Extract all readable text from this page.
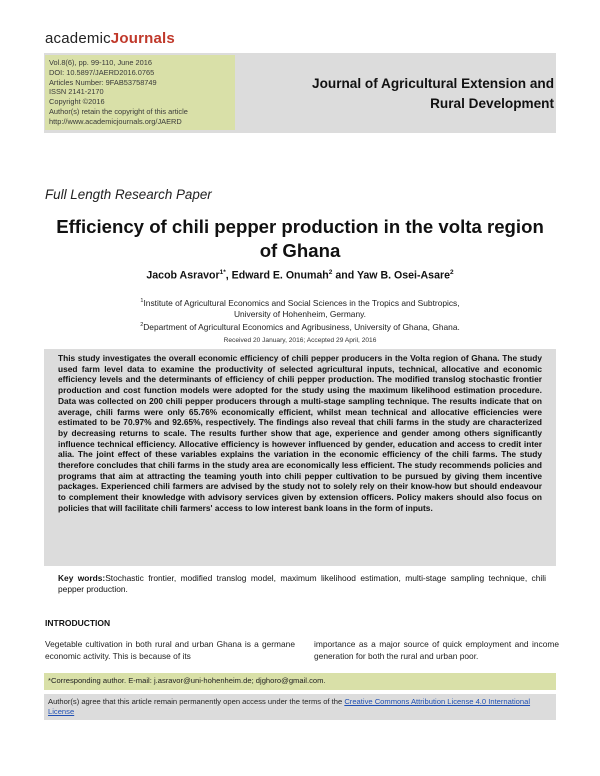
academicJournals
Vol.8(6), pp. 99-110, June 2016
DOI: 10.5897/JAERD2016.0765
Articles Number: 9FAB53758749
ISSN 2141-2170
Copyright ©2016
Author(s) retain the copyright of this article
http://www.academicjournals.org/JAERD
Journal of Agricultural Extension and
Rural Development
Full Length Research Paper
Efficiency of chili pepper production in the volta region
of Ghana
Jacob Asravor$^{1*}$, Edward E. Onumah$^2$ and Yaw B. Osei-Asare$^2$
$^1$Institute of Agricultural Economics and Social Sciences in the Tropics and Subtropics,
University of Hohenheim, Germany.
$^2$Department of Agricultural Economics and Agribusiness, University of Ghana, Ghana.
Received 20 January, 2016; Accepted 29 April, 2016

This study investigates the overall economic efficiency of chili pepper producers in the Volta region of Ghana. The study used farm level data to examine the productivity of selected agricultural inputs, technical, allocative and economic efficiency levels and the determinants of efficiency of chili pepper production. The modified translog stochastic frontier production and cost function models were adopted for the study using the maximum likelihood estimation procedure. Data was collected on 200 chili pepper producers through a multi-stage sampling technique. The results indicate that on average, chili farms were only 65.76% economically efficient, whilst mean technical and allocative efficiencies were estimated to be 70.97% and 92.65%, respectively. The findings also reveal that chili farms in the study are characterized by decreasing returns to scale. The results further show that age, experience and gender among others significantly influence technical efficiency. Allocative efficiency is however influenced by gender, education and access to credit inter alia. The joint effect of these variables explains the variation in the economic efficiency of the chili farms. The study therefore concludes that chili farms in the study area are economically less efficient. The study recommends policies and programs that aim at attracting the teaming youth into chili pepper cultivation to be pursued by giving them incentive packages. Experienced chili farmers are advised by the study not to solely rely on their know-how but should endeavour to complement their knowledge with advisory services given by extension officers. Policy makers should also focus on policies that will facilitate chili farmers' access to low interest bank loans in the form of inputs.

Key words:Stochastic frontier, modified translog model, maximum likelihood estimation, multi-stage sampling technique, chili pepper production.
INTRODUCTION
Vegetable cultivation in both rural and urban Ghana is a germane economic activity. This is because of its
importance as a major source of quick employment and income generation for both the rural and urban poor.
*Corresponding author. E-mail: j.asravor@uni-hohenheim.de; djghoro@gmail.com.
Author(s) agree that this article remain permanently open access under the terms of the Creative Commons Attribution License 4.0 International License
